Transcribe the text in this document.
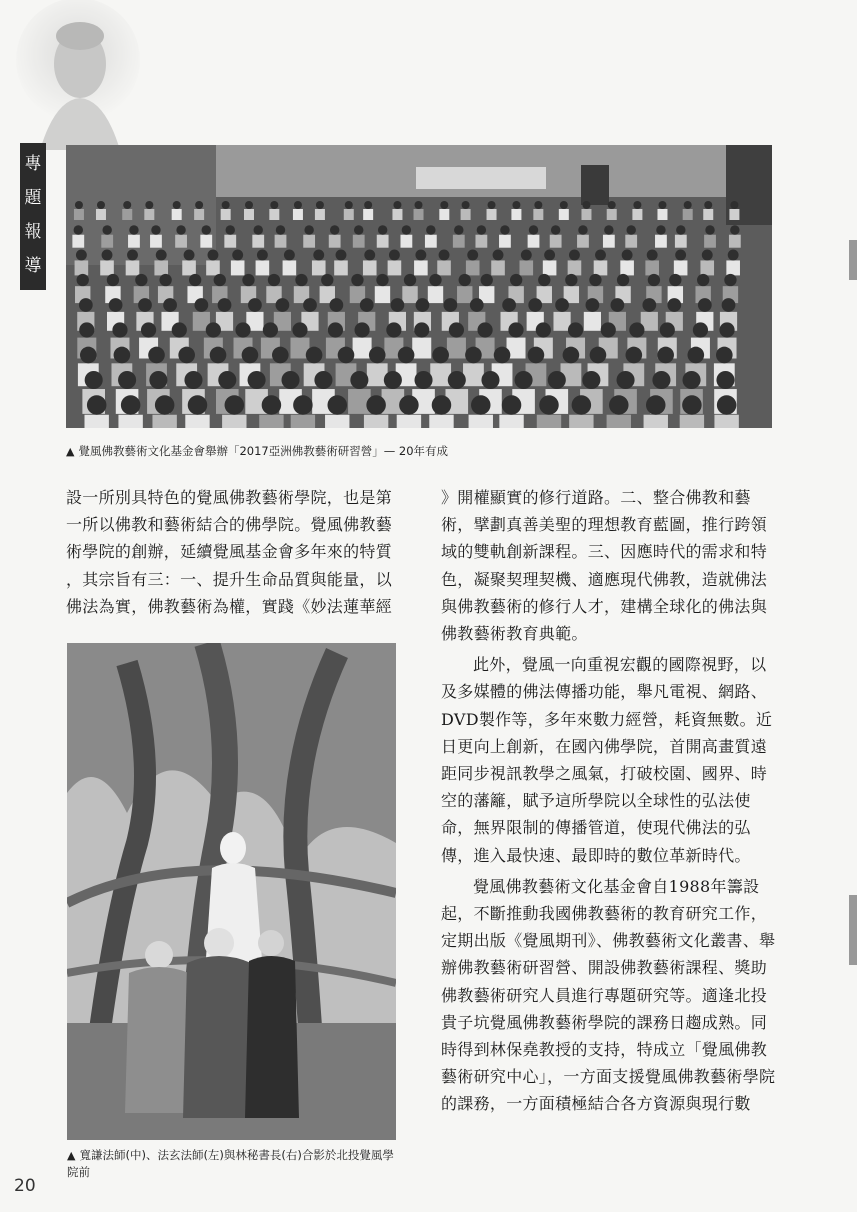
專
題
報
導
▲ 覺風佛教藝術文化基金會舉辦「2017亞洲佛教藝術研習營」— 20年有成

設一所別具特色的覺風佛教藝術學院，也是第

一所以佛教和藝術結合的佛學院。覺風佛教藝

術學院的創辦，延續覺風基金會多年來的特質

，其宗旨有三：一、提升生命品質與能量，以

佛法為實，佛教藝術為權，實踐《妙法蓮華經

▲ 寬謙法師(中)、法玄法師(左)與林秘書長(右)合影於北投覺風學院前

》開權顯實的修行道路。二、整合佛教和藝術，擘劃真善美聖的理想教育藍圖，推行跨領域的雙軌創新課程。三、因應時代的需求和特色，凝聚契理契機、適應現代佛教，造就佛法與佛教藝術的修行人才，建構全球化的佛法與佛教藝術教育典範。

此外，覺風一向重視宏觀的國際視野，以及多媒體的佛法傳播功能，舉凡電視、網路、DVD製作等，多年來數力經營，耗資無數。近日更向上創新，在國內佛學院，首開高畫質遠距同步視訊教學之風氣，打破校園、國界、時空的藩籬，賦予這所學院以全球性的弘法使命，無界限制的傳播管道，使現代佛法的弘傳，進入最快速、最即時的數位革新時代。

覺風佛教藝術文化基金會自1988年籌設起，不斷推動我國佛教藝術的教育研究工作，定期出版《覺風期刊》、佛教藝術文化叢書、舉辦佛教藝術研習營、開設佛教藝術課程、獎助佛教藝術研究人員進行專題研究等。適逢北投貴子坑覺風佛教藝術學院的課務日趨成熟。同時得到林保堯教授的支持，特成立「覺風佛教藝術研究中心」，一方面支援覺風佛教藝術學院的課務，一方面積極結合各方資源與現行數

20
